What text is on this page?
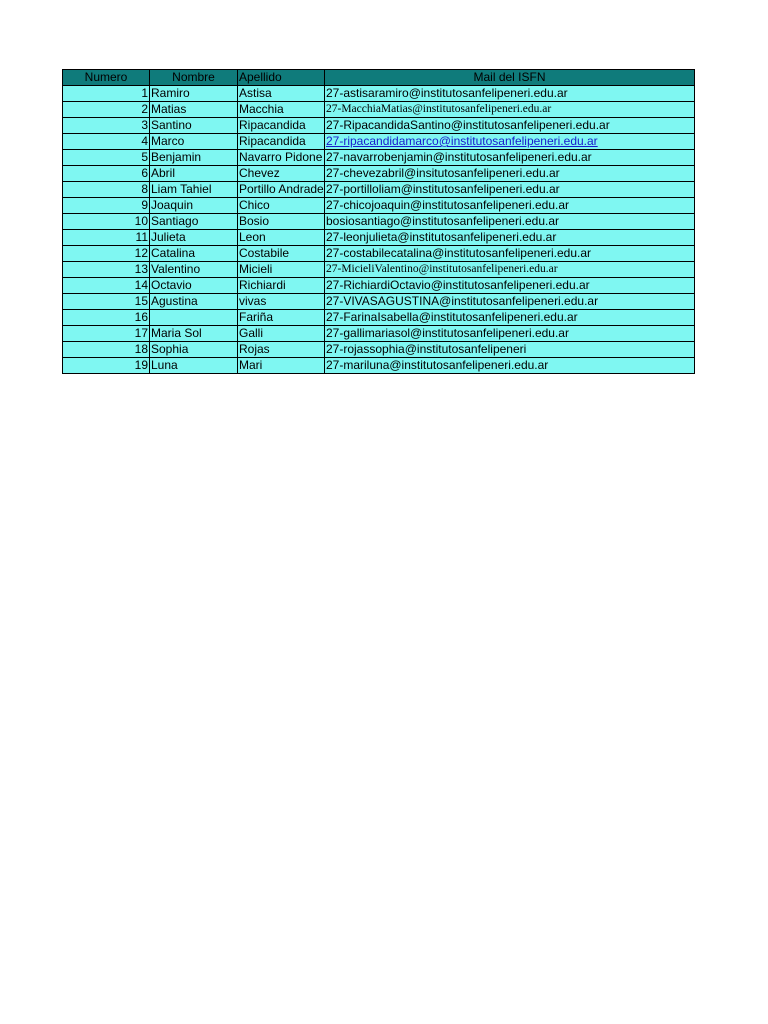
Numero	Nombre	Apellido	Mail del ISFN
1	Ramiro	Astisa	27-astisaramiro@institutosanfelipeneri.edu.ar
2	Matias	Macchia	27-MacchiaMatias@institutosanfelipeneri.edu.ar
3	Santino	Ripacandida	27-RipacandidaSantino@institutosanfelipeneri.edu.ar
4	Marco	Ripacandida	27-ripacandidamarco@institutosanfelipeneri.edu.ar
5	Benjamin	Navarro Pidone	27-navarrobenjamin@institutosanfelipeneri.edu.ar
6	Abril	Chevez	27-chevezabril@insitutosanfelipeneri.edu.ar
8	Liam Tahiel	Portillo Andrade	27-portilloliam@institutosanfelipeneri.edu.ar
9	Joaquin	Chico	27-chicojoaquin@institutosanfelipeneri.edu.ar
10	Santiago	Bosio	bosiosantiago@institutosanfelipeneri.edu.ar
11	Julieta	Leon	27-leonjulieta@institutosanfelipeneri.edu.ar
12	Catalina	Costabile	27-costabilecatalina@institutosanfelipeneri.edu.ar
13	Valentino	Micieli	27-MicieliValentino@institutosanfelipeneri.edu.ar
14	Octavio	Richiardi	27-RichiardiOctavio@institutosanfelipeneri.edu.ar
15	Agustina	vivas	27-VIVASAGUSTINA@institutosanfelipeneri.edu.ar
16		Fariña	27-FarinaIsabella@institutosanfelipeneri.edu.ar
17	Maria Sol	Galli	27-gallimariasol@institutosanfelipeneri.edu.ar
18	Sophia	Rojas	27-rojassophia@institutosanfelipeneri
19	Luna	Mari	27-mariluna@institutosanfelipeneri.edu.ar
